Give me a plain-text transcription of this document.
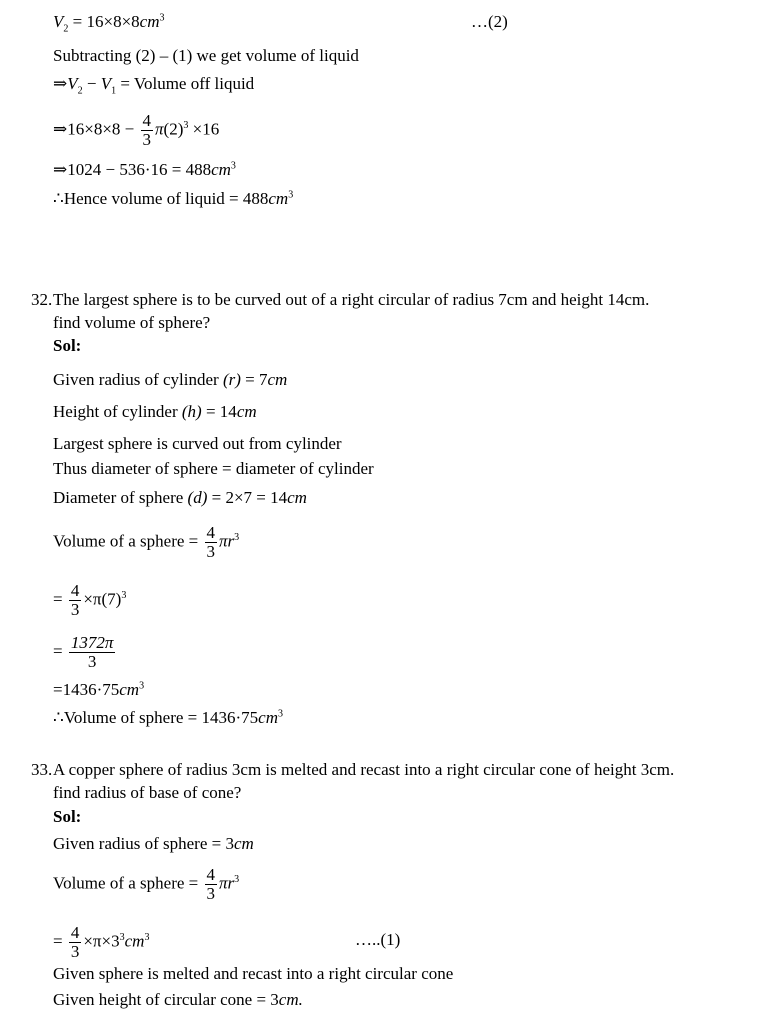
$V_2 = 16\times 8\times 8cm^3$	…(2)
Subtracting (2) – (1) we get volume of liquid
$\Rightarrow V_2 - V_1$ = Volume off liquid
⇒16×8×8 − $\frac{4}{3} \pi(2)^3 \times 16$
⇒1024 − $536\cdot 16 = 488cm^3$
∴Hence volume of liquid = $488cm^3$
32. The largest sphere is to be curved out of a right circular of radius 7cm and height 14cm.
find volume of sphere?
Sol:
Given radius of cylinder (r) = 7cm
Height of cylinder (h) = 14cm
Largest sphere is curved out from cylinder
Thus diameter of sphere = diameter of cylinder
Diameter of sphere (d) = 2×7 = 14cm
Volume of a sphere = $\frac{4}{3} \pi r^3$
= $\frac{4}{3} \times\pi(7)^3$
= $\frac{1372\pi}{3}$
$=1436\cdot 75cm^3$
∴Volume of sphere = $1436\cdot 75cm^3$
33. A copper sphere of radius 3cm is melted and recast into a right circular cone of height 3cm.
find radius of base of cone?
Sol:
Given radius of sphere = 3cm
Volume of a sphere = $\frac{4}{3} \pi r^3$
= $\frac{4}{3} \times\pi\times 3^3cm^3$	…..(1)
Given sphere is melted and recast into a right circular cone
Given height of circular cone = 3cm.
